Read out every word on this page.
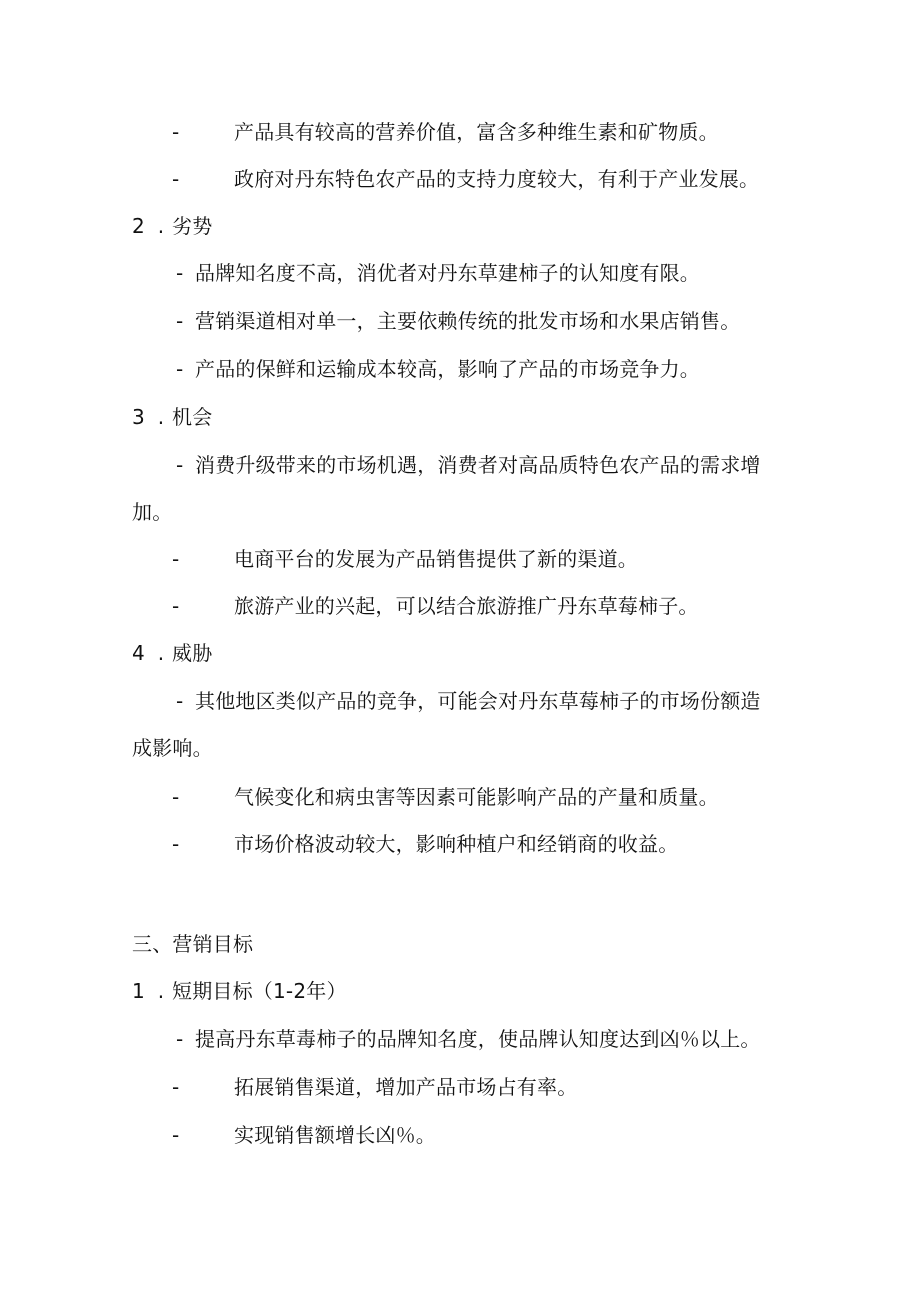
-	产品具有较高的营养价值，富含多种维生素和矿物质。
-	政府对丹东特色农产品的支持力度较大，有利于产业发展。
2 . 劣势
- 品牌知名度不高，消优者对丹东草建柿子的认知度有限。
- 营销渠道相对单一，主要依赖传统的批发市场和水果店销售。
- 产品的保鲜和运输成本较高，影响了产品的市场竞争力。
3 . 机会
- 消费升级带来的市场机遇，消费者对高品质特色农产品的需求增
加。
-	电商平台的发展为产品销售提供了新的渠道。
-	旅游产业的兴起，可以结合旅游推广丹东草莓柿子。
4 . 威胁
- 其他地区类似产品的竞争，可能会对丹东草莓柿子的市场份额造
成影响。
-	气候变化和病虫害等因素可能影响产品的产量和质量。
-	市场价格波动较大，影响种植户和经销商的收益。
三、营销目标
1 . 短期目标（1-2年）
- 提高丹东草毒柿子的品牌知名度，使品牌认知度达到凶％以上。
-	拓展销售渠道，增加产品市场占有率。
-	实现销售额增长凶％。
